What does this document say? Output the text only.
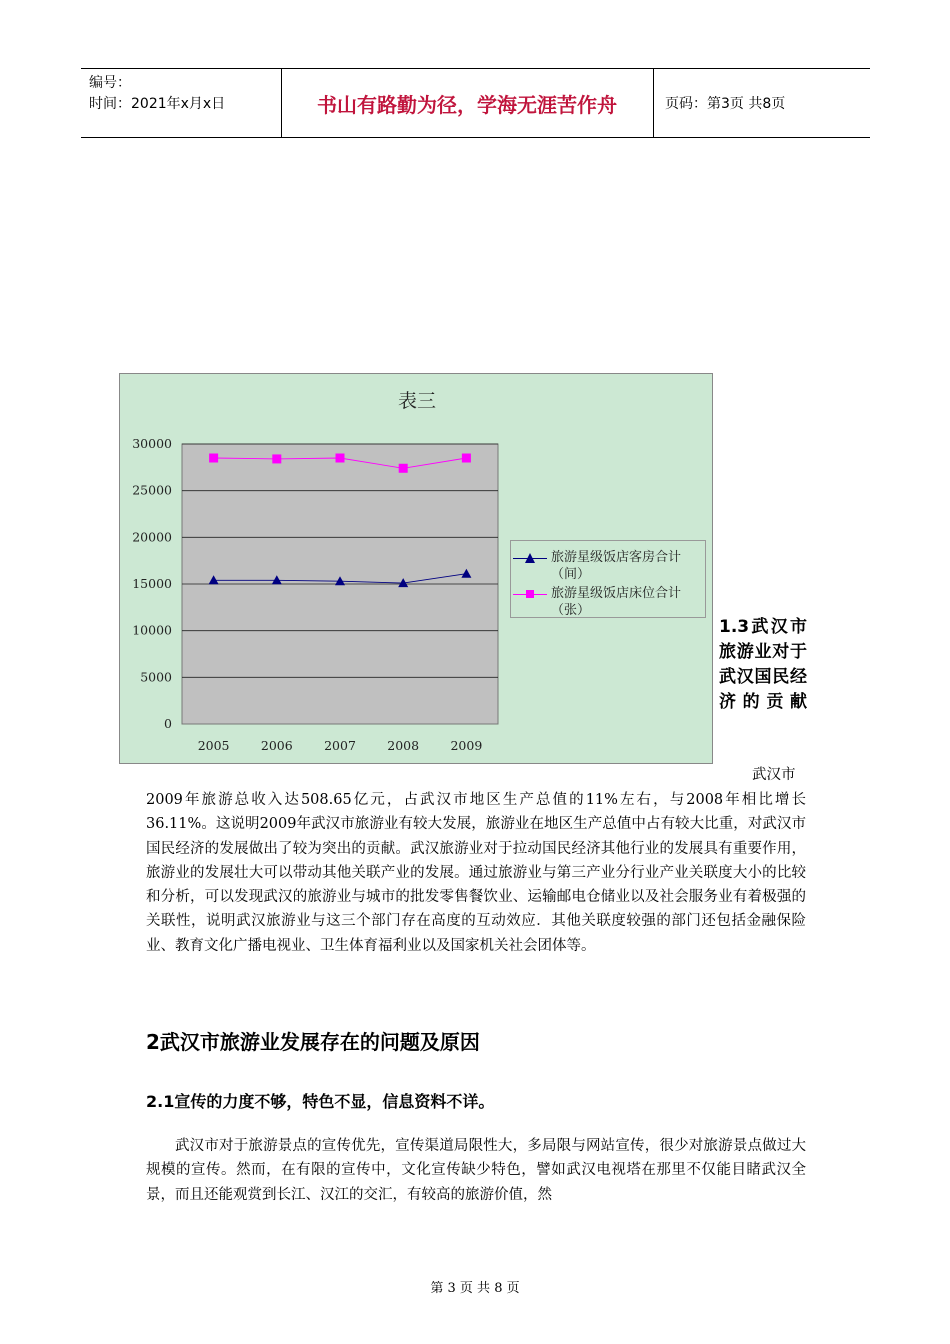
编号：
时间：2021年x月x日	书山有路勤为径，学海无涯苦作舟	页码：第3页 共8页
表三
0
5000
10000
15000
20000
25000
30000
2005	2006	2007	2008	2009
旅游星级饭店客房合计（间）
旅游星级饭店床位合计（张）
1.3武汉市旅游业对于武汉国民经济的贡献
武汉市
2009年旅游总收入达508.65亿元，占武汉市地区生产总值的11%左右，与2008年相比增长36.11%。这说明2009年武汉市旅游业有较大发展，旅游业在地区生产总值中占有较大比重，对武汉市国民经济的发展做出了较为突出的贡献。武汉旅游业对于拉动国民经济其他行业的发展具有重要作用，旅游业的发展壮大可以带动其他关联产业的发展。通过旅游业与第三产业分行业产业关联度大小的比较和分析，可以发现武汉的旅游业与城市的批发零售餐饮业、运输邮电仓储业以及社会服务业有着极强的关联性，说明武汉旅游业与这三个部门存在高度的互动效应．其他关联度较强的部门还包括金融保险业、教育文化广播电视业、卫生体育福利业以及国家机关社会团体等。
2武汉市旅游业发展存在的问题及原因
2.1宣传的力度不够，特色不显，信息资料不详。
武汉市对于旅游景点的宣传优先，宣传渠道局限性大，多局限与网站宣传，很少对旅游景点做过大规模的宣传。然而，在有限的宣传中，文化宣传缺少特色，譬如武汉电视塔在那里不仅能目睹武汉全景，而且还能观赏到长江、汉江的交汇，有较高的旅游价值，然
第 3 页 共 8 页
